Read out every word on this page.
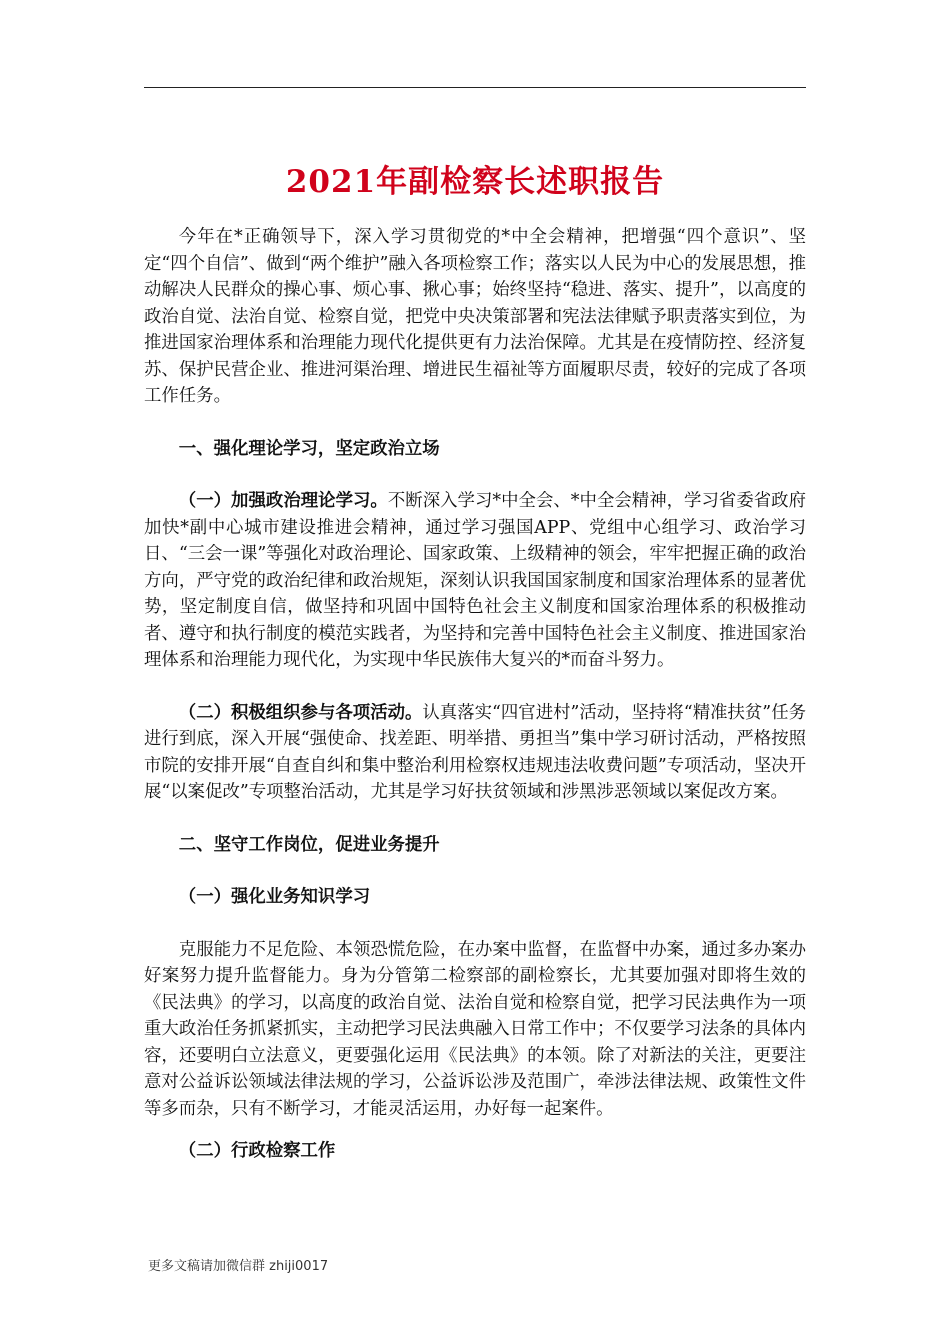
2021年副检察长述职报告

今年在*正确领导下，深入学习贯彻党的*中全会精神，把增强“四个意识”、坚定“四个自信”、做到“两个维护”融入各项检察工作；落实以人民为中心的发展思想，推动解决人民群众的操心事、烦心事、揪心事；始终坚持“稳进、落实、提升”，以高度的政治自觉、法治自觉、检察自觉，把党中央决策部署和宪法法律赋予职责落实到位，为推进国家治理体系和治理能力现代化提供更有力法治保障。尤其是在疫情防控、经济复苏、保护民营企业、推进河渠治理、增进民生福祉等方面履职尽责，较好的完成了各项工作任务。

一、强化理论学习，坚定政治立场

（一）加强政治理论学习。不断深入学习*中全会、*中全会精神，学习省委省政府加快*副中心城市建设推进会精神，通过学习强国APP、党组中心组学习、政治学习日、“三会一课”等强化对政治理论、国家政策、上级精神的领会，牢牢把握正确的政治方向，严守党的政治纪律和政治规矩，深刻认识我国国家制度和国家治理体系的显著优势，坚定制度自信，做坚持和巩固中国特色社会主义制度和国家治理体系的积极推动者、遵守和执行制度的模范实践者，为坚持和完善中国特色社会主义制度、推进国家治理体系和治理能力现代化，为实现中华民族伟大复兴的*而奋斗努力。

（二）积极组织参与各项活动。认真落实“四官进村”活动，坚持将“精准扶贫”任务进行到底，深入开展“强使命、找差距、明举措、勇担当”集中学习研讨活动，严格按照市院的安排开展“自查自纠和集中整治利用检察权违规违法收费问题”专项活动，坚决开展“以案促改”专项整治活动，尤其是学习好扶贫领域和涉黑涉恶领域以案促改方案。

二、坚守工作岗位，促进业务提升

（一）强化业务知识学习

克服能力不足危险、本领恐慌危险，在办案中监督，在监督中办案，通过多办案办好案努力提升监督能力。身为分管第二检察部的副检察长，尤其要加强对即将生效的《民法典》的学习，以高度的政治自觉、法治自觉和检察自觉，把学习民法典作为一项重大政治任务抓紧抓实，主动把学习民法典融入日常工作中；不仅要学习法条的具体内容，还要明白立法意义，更要强化运用《民法典》的本领。除了对新法的关注，更要注意对公益诉讼领域法律法规的学习，公益诉讼涉及范围广，牵涉法律法规、政策性文件等多而杂，只有不断学习，才能灵活运用，办好每一起案件。

（二）行政检察工作

更多文稿请加微信群 zhiji0017
